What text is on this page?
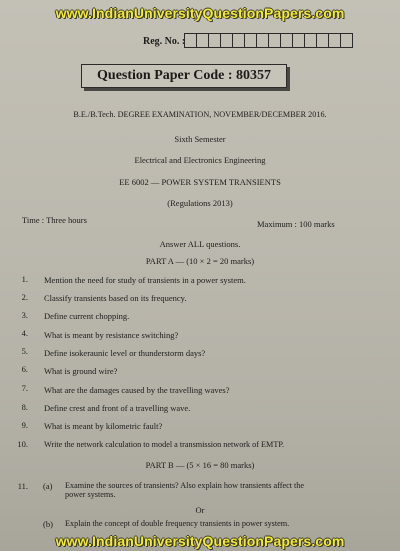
www.IndianUniversityQuestionPapers.com
Reg. No. :
Question Paper Code : 80357
B.E./B.Tech. DEGREE EXAMINATION, NOVEMBER/DECEMBER 2016.
Sixth Semester
Electrical and Electronics Engineering
EE 6002 — POWER SYSTEM TRANSIENTS
(Regulations 2013)
Time : Three hours	Maximum : 100 marks
Answer ALL questions.
PART A — (10 × 2 = 20 marks)
1. Mention the need for study of transients in a power system.
2. Classify transients based on its frequency.
3. Define current chopping.
4. What is meant by resistance switching?
5. Define isokeraunic level or thunderstorm days?
6. What is ground wire?
7. What are the damages caused by the travelling waves?
8. Define crest and front of a travelling wave.
9. What is meant by kilometric fault?
10. Write the network calculation to model a transmission network of EMTP.
PART B — (5 × 16 = 80 marks)
11. (a) Examine the sources of transients? Also explain how transients affect the
power systems.
Or
(b) Explain the concept of double frequency transients in power system.
www.IndianUniversityQuestionPapers.com
